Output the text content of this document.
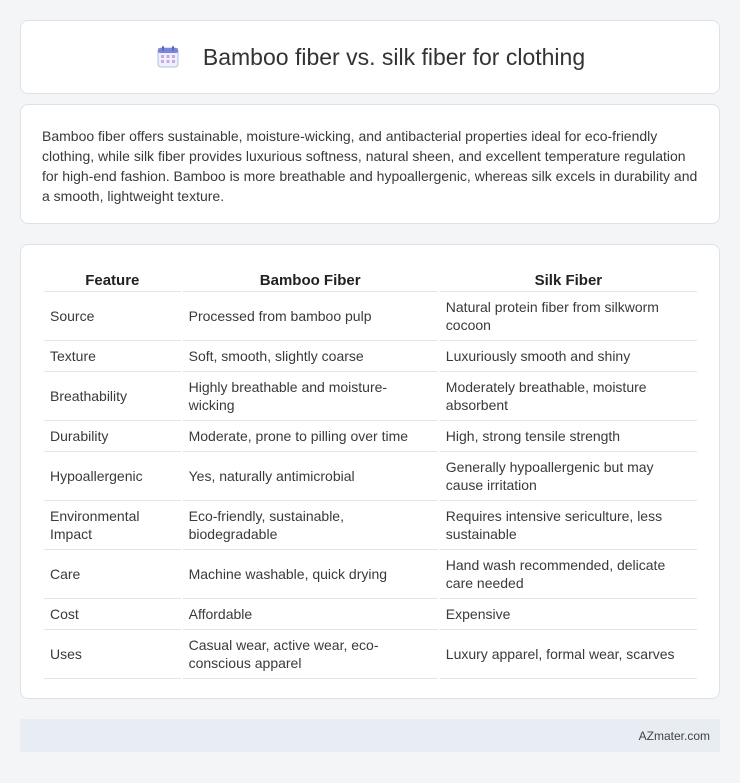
Bamboo fiber vs. silk fiber for clothing

Bamboo fiber offers sustainable, moisture-wicking, and antibacterial properties ideal for eco-friendly clothing, while silk fiber provides luxurious softness, natural sheen, and excellent temperature regulation for high-end fashion. Bamboo is more breathable and hypoallergenic, whereas silk excels in durability and a smooth, lightweight texture.

Feature	Bamboo Fiber	Silk Fiber
Source	Processed from bamboo pulp	Natural protein fiber from silkworm cocoon
Texture	Soft, smooth, slightly coarse	Luxuriously smooth and shiny
Breathability	Highly breathable and moisture-wicking	Moderately breathable, moisture absorbent
Durability	Moderate, prone to pilling over time	High, strong tensile strength
Hypoallergenic	Yes, naturally antimicrobial	Generally hypoallergenic but may cause irritation
Environmental Impact	Eco-friendly, sustainable, biodegradable	Requires intensive sericulture, less sustainable
Care	Machine washable, quick drying	Hand wash recommended, delicate care needed
Cost	Affordable	Expensive
Uses	Casual wear, active wear, eco-conscious apparel	Luxury apparel, formal wear, scarves
AZmater.com
